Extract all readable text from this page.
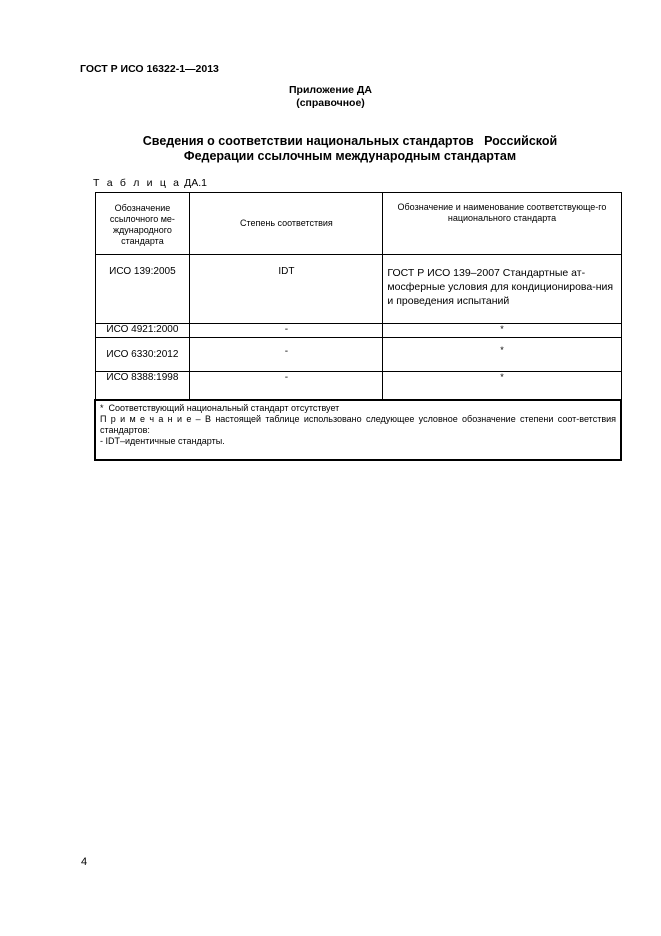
ГОСТ Р ИСО 16322-1—2013
Приложение ДА
(справочное)
Сведения о соответствии национальных стандартов   Российской
Федерации ссылочным международным стандартам
Т а б л и ц а ДА.1
Обозначение ссылочного ме-ждународного стандарта	Степень соответствия	Обозначение и наименование соответствующе-го национального стандарта

ИСО 139:2005	IDT	ГОСТ Р ИСО 139–2007 Стандартные ат-мосферные условия для кондиционирова-ния и проведения испытаний

ИСО 4921:2000	-	*

ИСО 6330:2012	-	*

ИСО 8388:1998	-	*

*  Соответствующий национальный стандарт отсутствует
П р и м е ч а н и е – В настоящей таблице использовано следующее условное обозначение степени соот-ветствия стандартов:
- IDT–идентичные стандарты.		
4
